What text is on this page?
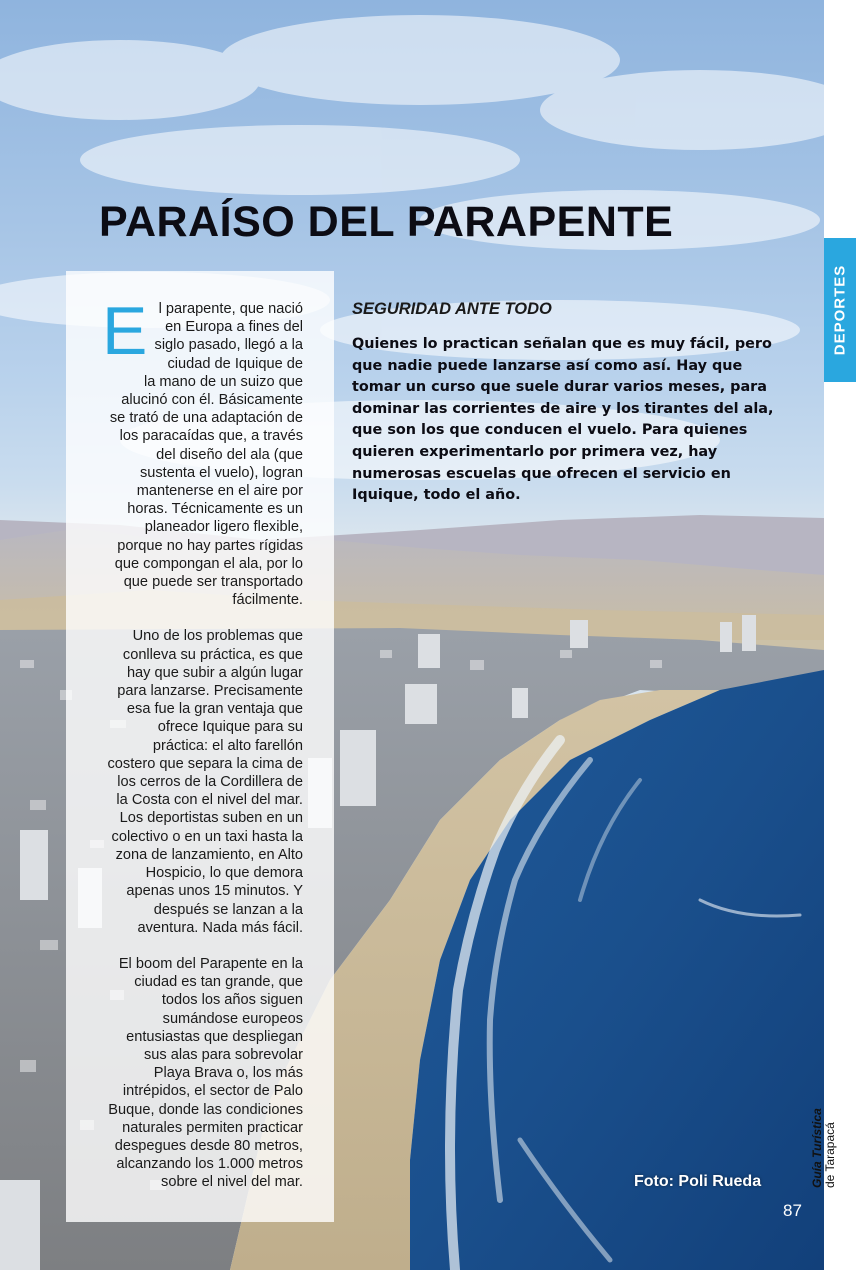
DEPORTES
Guía Turística de Tarapacá
PARAÍSO DEL PARAPENTE

El parapente, que nació en Europa a fines del siglo pasado, llegó a la ciudad de Iquique de la mano de un suizo que alucinó con él. Básicamente se trató de una adaptación de los paracaídas que, a través del diseño del ala (que sustenta el vuelo), logran mantenerse en el aire por horas. Técnicamente es un planeador ligero flexible, porque no hay partes rígidas que compongan el ala, por lo que puede ser transportado fácilmente.

Uno de los problemas que conlleva su práctica, es que hay que subir a algún lugar para lanzarse. Precisamente esa fue la gran ventaja que ofrece Iquique para su práctica: el alto farellón costero que separa la cima de los cerros de la Cordillera de la Costa con el nivel del mar. Los deportistas suben en un colectivo o en un taxi hasta la zona de lanzamiento, en Alto Hospicio, lo que demora apenas unos 15 minutos. Y después se lanzan a la aventura. Nada más fácil.

El boom del Parapente en la ciudad es tan grande, que todos los años siguen sumándose europeos entusiastas que despliegan sus alas para sobrevolar Playa Brava o, los más intrépidos, el sector de Palo Buque, donde las condiciones naturales permiten practicar despegues desde 80 metros, alcanzando los 1.000 metros sobre el nivel del mar.

SEGURIDAD ANTE TODO

Quienes lo practican señalan que es muy fácil, pero que nadie puede lanzarse así como así. Hay que tomar un curso que suele durar varios meses, para dominar las corrientes de aire y los tirantes del ala, que son los que conducen el vuelo. Para quienes quieren experimentarlo por primera vez, hay numerosas escuelas que ofrecen el servicio en Iquique, todo el año.

Foto: Poli Rueda

87
